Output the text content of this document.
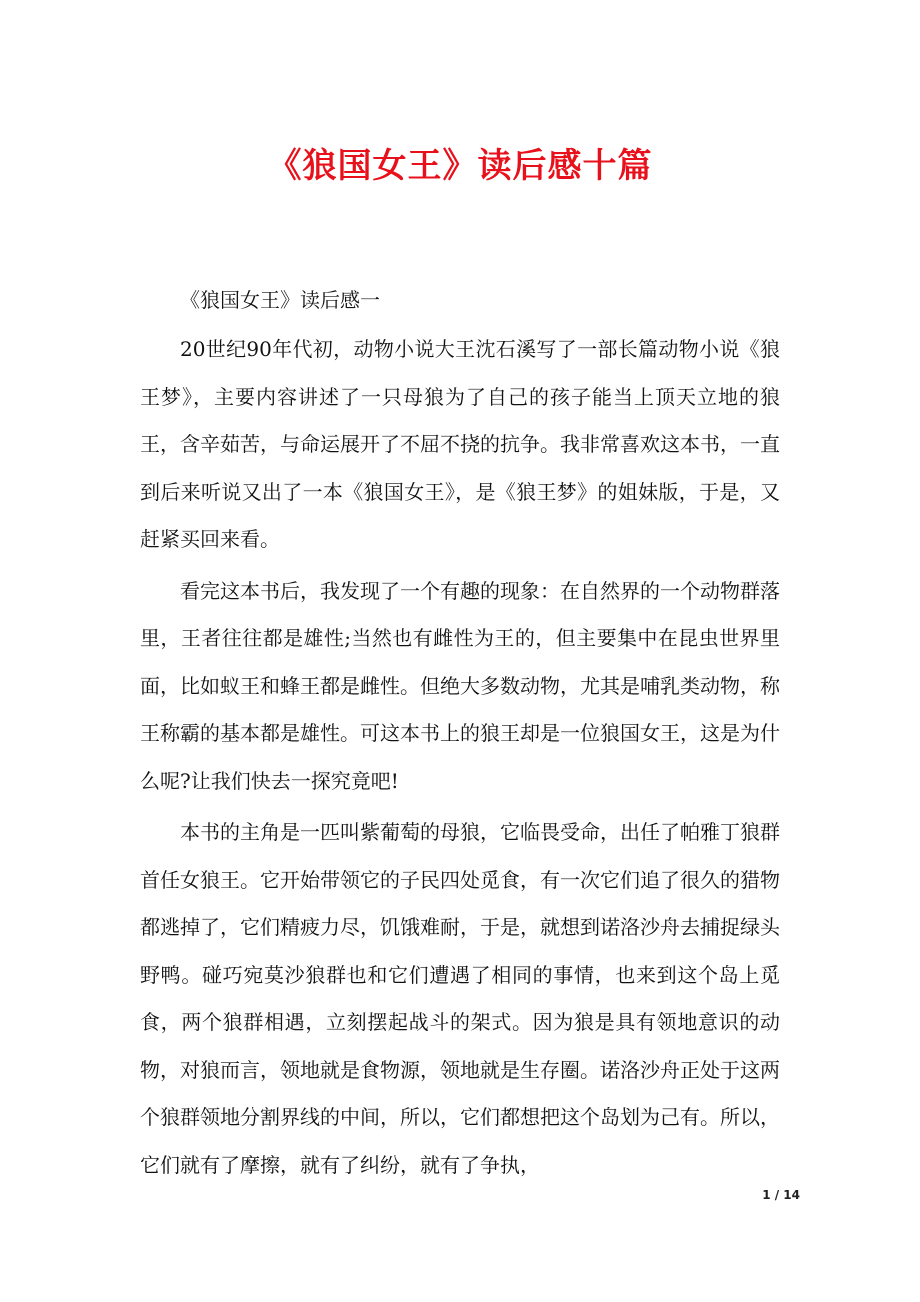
《狼国女王》读后感十篇

《狼国女王》读后感一

20世纪90年代初，动物小说大王沈石溪写了一部长篇动物小说《狼王梦》，主要内容讲述了一只母狼为了自己的孩子能当上顶天立地的狼王，含辛茹苦，与命运展开了不屈不挠的抗争。我非常喜欢这本书，一直到后来听说又出了一本《狼国女王》，是《狼王梦》的姐妹版，于是，又赶紧买回来看。

看完这本书后，我发现了一个有趣的现象：在自然界的一个动物群落里，王者往往都是雄性;当然也有雌性为王的，但主要集中在昆虫世界里面，比如蚁王和蜂王都是雌性。但绝大多数动物，尤其是哺乳类动物，称王称霸的基本都是雄性。可这本书上的狼王却是一位狼国女王，这是为什么呢?让我们快去一探究竟吧!

本书的主角是一匹叫紫葡萄的母狼，它临畏受命，出任了帕雅丁狼群首任女狼王。它开始带领它的子民四处觅食，有一次它们追了很久的猎物都逃掉了，它们精疲力尽，饥饿难耐，于是，就想到诺洛沙舟去捕捉绿头野鸭。碰巧宛莫沙狼群也和它们遭遇了相同的事情，也来到这个岛上觅食，两个狼群相遇，立刻摆起战斗的架式。因为狼是具有领地意识的动物，对狼而言，领地就是食物源，领地就是生存圈。诺洛沙舟正处于这两个狼群领地分割界线的中间，所以，它们都想把这个岛划为己有。所以，它们就有了摩擦，就有了纠纷，就有了争执，

1 / 14
